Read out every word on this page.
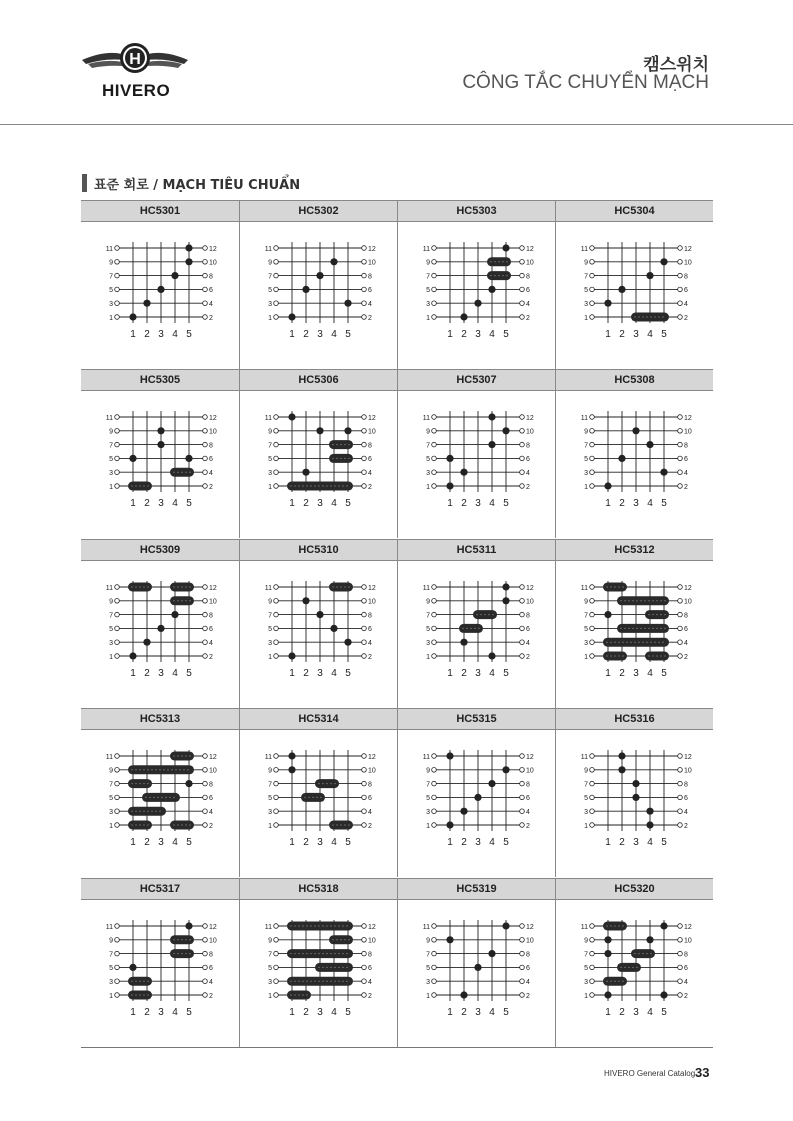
H
HIVERO
캠스위치
CÔNG TẮC CHUYỂN MẠCH
표준 회로 / MẠCH TIÊU CHUẨN
HC5301
1	2
3	4
5	6
7	8
9	10
11	12
1 2 3 4 5
HC5302
1	2
3	4
5	6
7	8
9	10
11	12
1 2 3 4 5
HC5303
1	2
3	4
5	6
7	8
9	10
11	12
1 2 3 4 5
HC5304
1	2
3	4
5	6
7	8
9	10
11	12
1 2 3 4 5
HC5305
1	2
3	4
5	6
7	8
9	10
11	12
1 2 3 4 5
HC5306
1	2
3	4
5	6
7	8
9	10
11	12
1 2 3 4 5
HC5307
1	2
3	4
5	6
7	8
9	10
11	12
1 2 3 4 5
HC5308
1	2
3	4
5	6
7	8
9	10
11	12
1 2 3 4 5
HC5309
1	2
3	4
5	6
7	8
9	10
11	12
1 2 3 4 5
HC5310
1	2
3	4
5	6
7	8
9	10
11	12
1 2 3 4 5
HC5311
1	2
3	4
5	6
7	8
9	10
11	12
1 2 3 4 5
HC5312
1	2
3	4
5	6
7	8
9	10
11	12
1 2 3 4 5
HC5313
1	2
3	4
5	6
7	8
9	10
11	12
1 2 3 4 5
HC5314
1	2
3	4
5	6
7	8
9	10
11	12
1 2 3 4 5
HC5315
1	2
3	4
5	6
7	8
9	10
11	12
1 2 3 4 5
HC5316
1	2
3	4
5	6
7	8
9	10
11	12
1 2 3 4 5
HC5317
1	2
3	4
5	6
7	8
9	10
11	12
1 2 3 4 5
HC5318
1	2
3	4
5	6
7	8
9	10
11	12
1 2 3 4 5
HC5319
1	2
3	4
5	6
7	8
9	10
11	12
1 2 3 4 5
HC5320
1	2
3	4
5	6
7	8
9	10
11	12
1 2 3 4 5
HIVERO General Catalog 33
